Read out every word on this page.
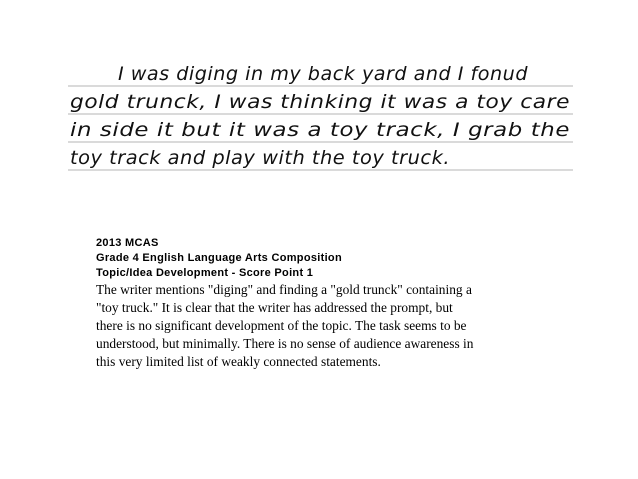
I was diging in my back yard and I fonud
gold trunck, I was thinking it was a toy care
in side it but it was a toy track, I grab the
toy track and play with the toy truck.

2013 MCAS

Grade 4 English Language Arts Composition

Topic/Idea Development - Score Point 1

The writer mentions "diging" and finding a "gold trunck" containing a

"toy truck." It is clear that the writer has addressed the prompt, but

there is no significant development of the topic. The task seems to be

understood, but minimally. There is no sense of audience awareness in

this very limited list of weakly connected statements.
